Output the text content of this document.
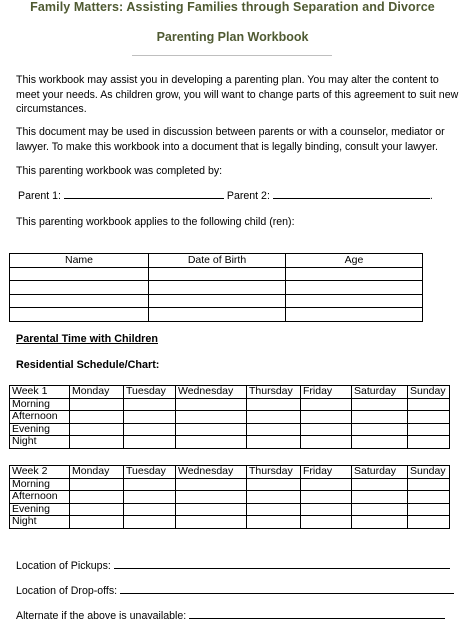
Family Matters: Assisting Families through Separation and Divorce
Parenting Plan Workbook
This workbook may assist you in developing a parenting plan. You may alter the content to meet your needs. As children grow, you will want to change parts of this agreement to suit new circumstances.
This document may be used in discussion between parents or with a counselor, mediator or lawyer. To make this workbook into a document that is legally binding, consult your lawyer.
This parenting workbook was completed by:
Parent 1:	Parent 2:	.
This parenting workbook applies to the following child (ren):
Name	Date of Birth	Age

Parental Time with Children
Residential Schedule/Chart:
Week 1	Monday	Tuesday	Wednesday	Thursday	Friday	Saturday	Sunday
Morning							
Afternoon							
Evening							
Night							
Week 2	Monday	Tuesday	Wednesday	Thursday	Friday	Saturday	Sunday
Morning							
Afternoon							
Evening							
Night							
Location of Pickups:
Location of Drop-offs:
Alternate if the above is unavailable:
